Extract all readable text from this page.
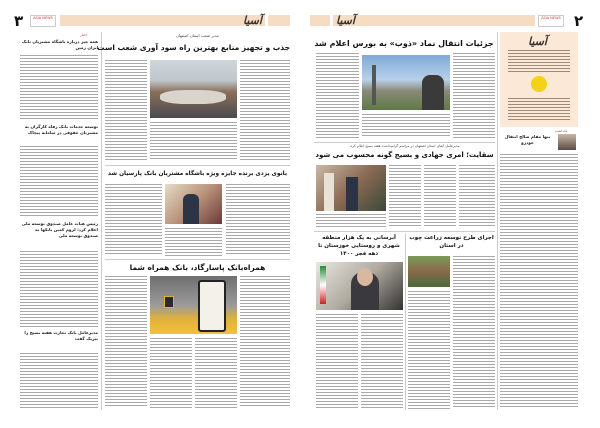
۳	ASIA NEWS	آسیا
اخبار
همه چیز درباره باشگاه مشتریان بانک ایران زمین
توسعه خدمات بانک رفاه کارگران به مشتریان حقوقی در سامانه پیچاک
رئیس هیات عامل صندوق توسعه ملی اعلام کرد: لزوم کمین بانکها به صندوق توسعه ملی
مدیرعامل بانک تجارت هفته بسیج را تبریک گفت
مدیر شعب استان اصفهان
جذب و تجهیز منابع بهترین راه سود آوری شعب است
بانوی یزدی برنده جایزه ویژه باشگاه مشتریان بانک پارسیان شد
همراه‌بانک پاسارگاد، بانک همراه شما
۲
ASIA NEWS
آسیا
آسیا
یادداشت
تنها مقام صالح انتقال خودرو
جزئیات انتقال نماد «ذوب» به بورس اعلام شد
مدیرعامل آبفای استان اصفهان در مراسم گرامیداشت هفته بسیج اعلام کرد:
سقایت؛ امری جهادی و بسیج گونه محسوب می شود
آبرسانی به یک هزار منطقه شهری و روستایی خوزستان تا دهه فجر ۱۴۰۰
اجرای طرح توسعه زراعت چوب در استان
